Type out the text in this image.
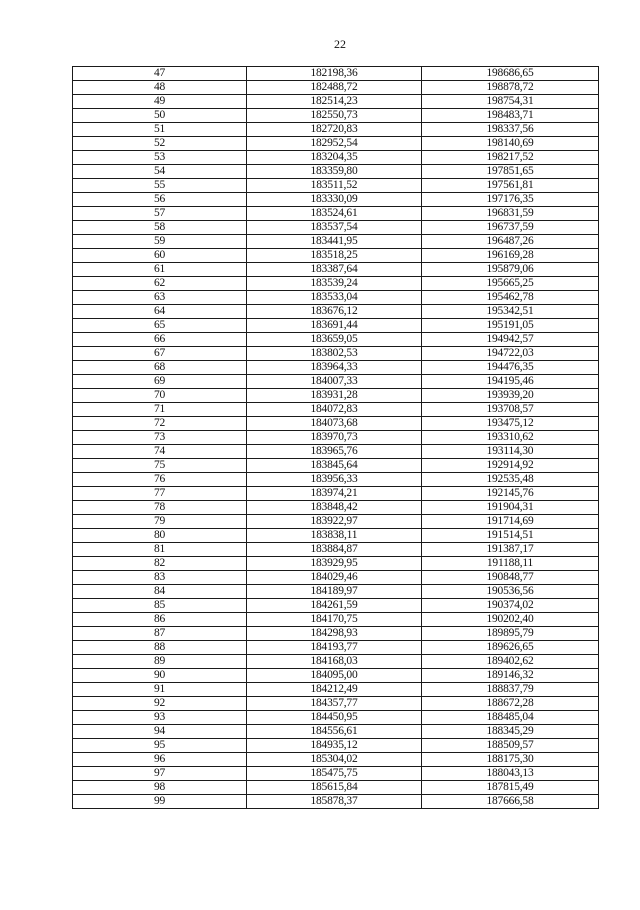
22
47	182198,36	198686,65
48	182488,72	198878,72
49	182514,23	198754,31
50	182550,73	198483,71
51	182720,83	198337,56
52	182952,54	198140,69
53	183204,35	198217,52
54	183359,80	197851,65
55	183511,52	197561,81
56	183330,09	197176,35
57	183524,61	196831,59
58	183537,54	196737,59
59	183441,95	196487,26
60	183518,25	196169,28
61	183387,64	195879,06
62	183539,24	195665,25
63	183533,04	195462,78
64	183676,12	195342,51
65	183691,44	195191,05
66	183659,05	194942,57
67	183802,53	194722,03
68	183964,33	194476,35
69	184007,33	194195,46
70	183931,28	193939,20
71	184072,83	193708,57
72	184073,68	193475,12
73	183970,73	193310,62
74	183965,76	193114,30
75	183845,64	192914,92
76	183956,33	192535,48
77	183974,21	192145,76
78	183848,42	191904,31
79	183922,97	191714,69
80	183838,11	191514,51
81	183884,87	191387,17
82	183929,95	191188,11
83	184029,46	190848,77
84	184189,97	190536,56
85	184261,59	190374,02
86	184170,75	190202,40
87	184298,93	189895,79
88	184193,77	189626,65
89	184168,03	189402,62
90	184095,00	189146,32
91	184212,49	188837,79
92	184357,77	188672,28
93	184450,95	188485,04
94	184556,61	188345,29
95	184935,12	188509,57
96	185304,02	188175,30
97	185475,75	188043,13
98	185615,84	187815,49
99	185878,37	187666,58
